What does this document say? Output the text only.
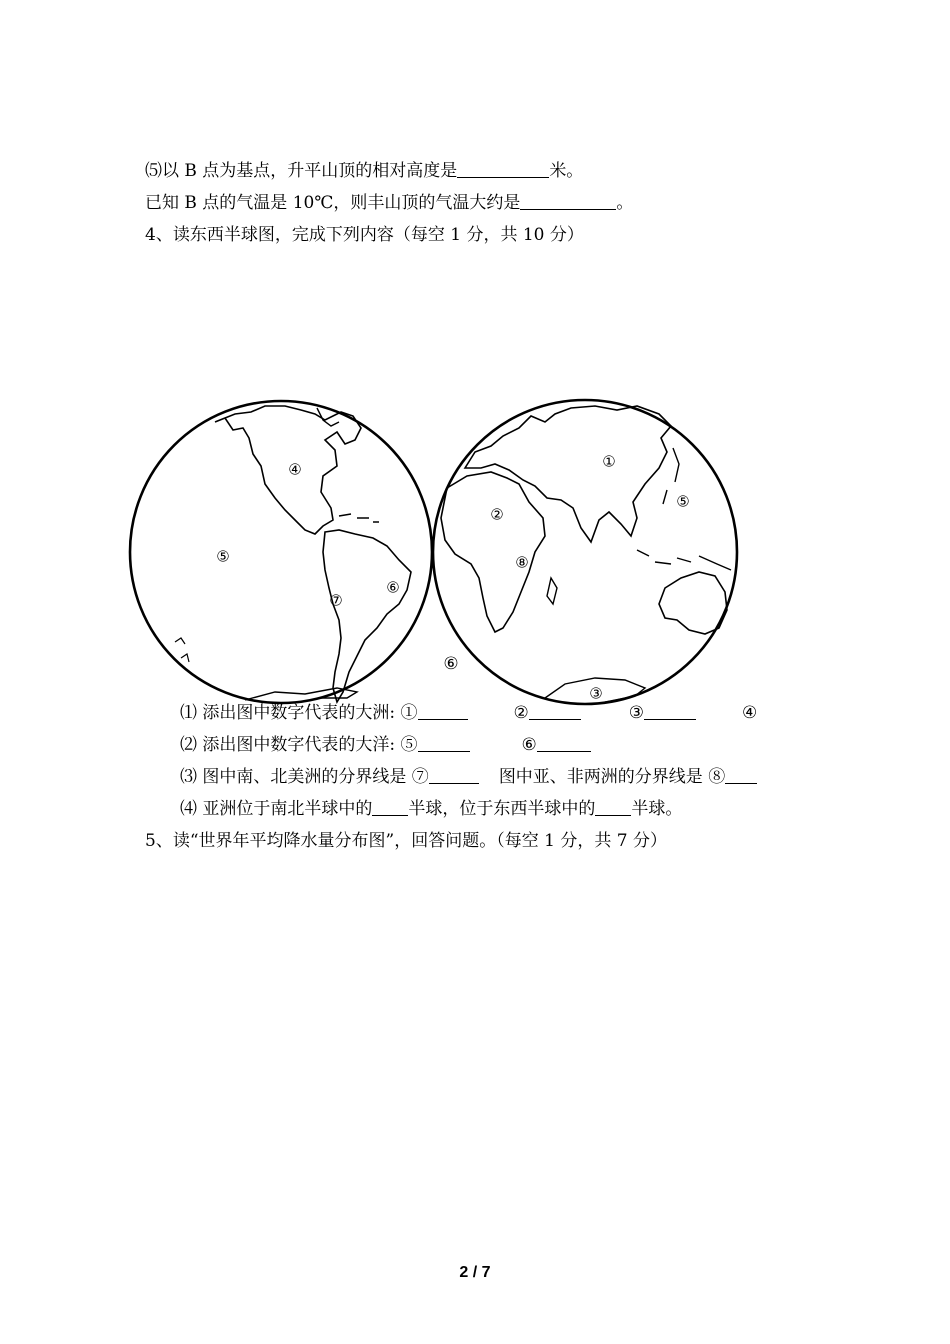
⑸以 B 点为基点，升平山顶的相对高度是	米。
已知 B 点的气温是 10℃，则丰山顶的气温大约是	。
4、读东西半球图，完成下列内容（每空 1 分，共 10 分）
④
⑤
⑥
⑦
①
②
⑤
⑧
③
⑥
⑴ 添出图中数字代表的大洲: ①	②	③	④
⑵ 添出图中数字代表的大洋: ⑤	⑥
⑶ 图中南、北美洲的分界线是 ⑦	图中亚、非两洲的分界线是 ⑧
⑷ 亚洲位于南北半球中的 半球，位于东西半球中的 半球。
5、读“世界年平均降水量分布图”，回答问题。（每空 1 分，共 7 分）
2 / 7
